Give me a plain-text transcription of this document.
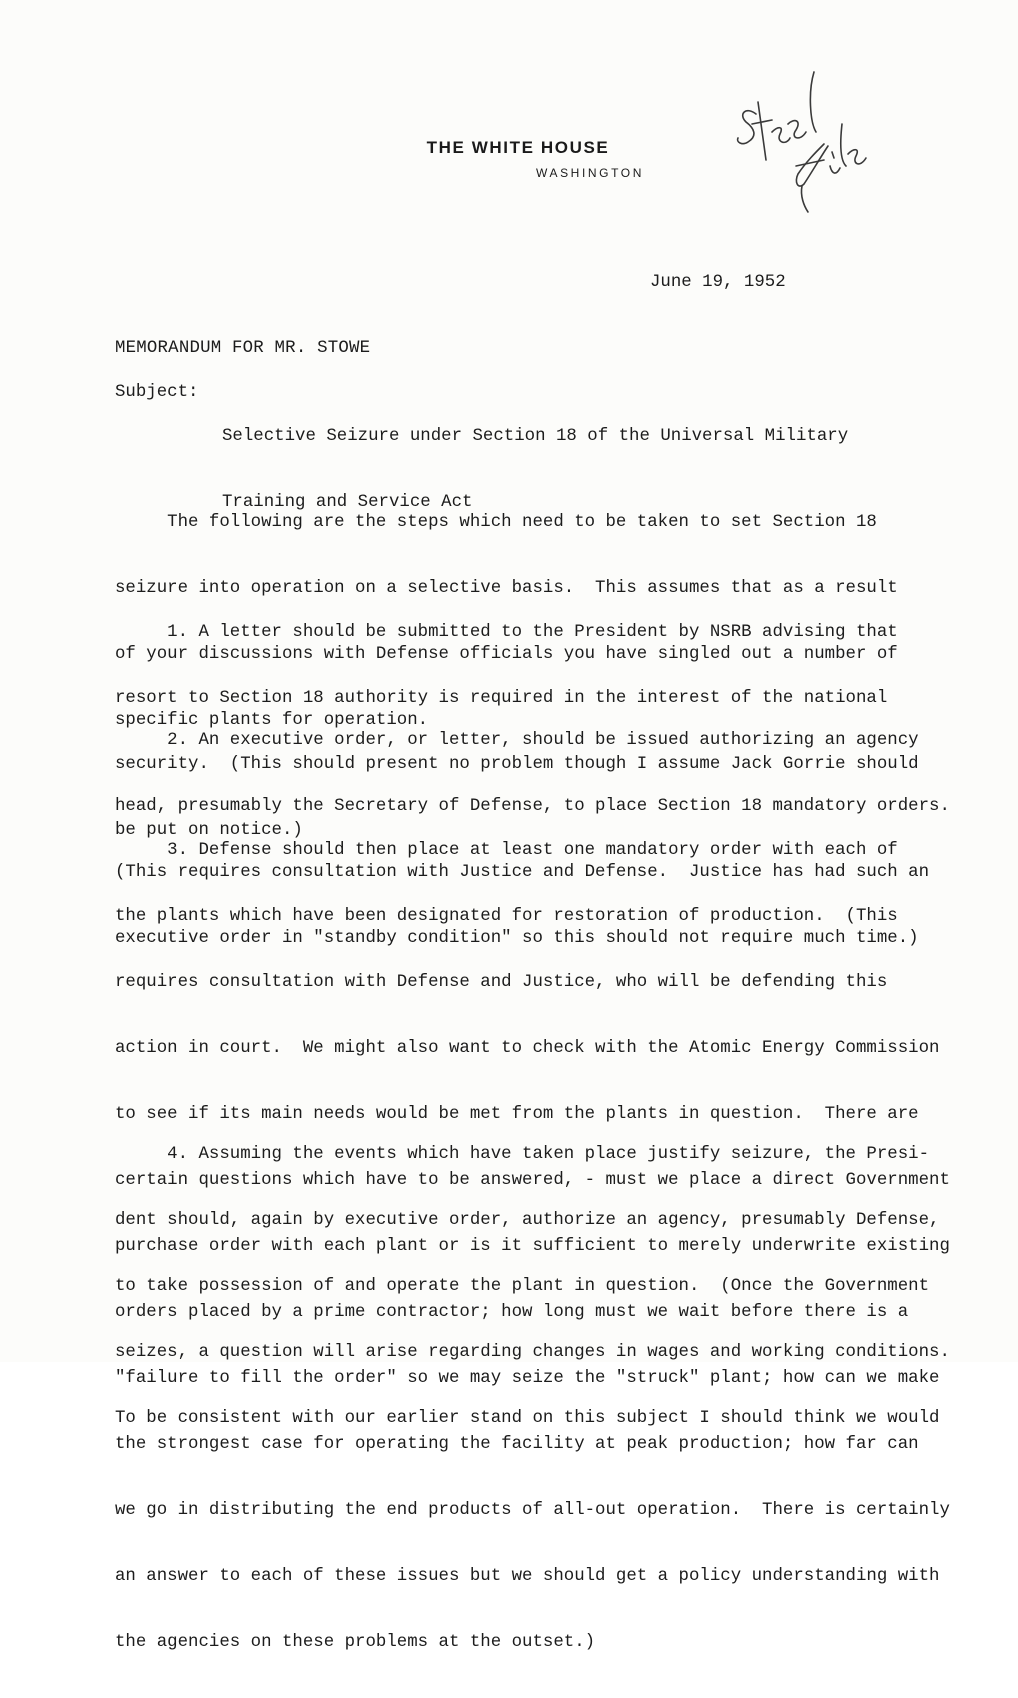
THE WHITE HOUSE
WASHINGTON
June 19, 1952
MEMORANDUM FOR MR. STOWE
Subject:

Selective Seizure under Section 18 of the Universal Military

Training and Service Act

The following are the steps which need to be taken to set Section 18

seizure into operation on a selective basis.  This assumes that as a result

of your discussions with Defense officials you have singled out a number of

specific plants for operation.

1. A letter should be submitted to the President by NSRB advising that

resort to Section 18 authority is required in the interest of the national

security.  (This should present no problem though I assume Jack Gorrie should

be put on notice.)

2. An executive order, or letter, should be issued authorizing an agency

head, presumably the Secretary of Defense, to place Section 18 mandatory orders.

(This requires consultation with Justice and Defense.  Justice has had such an

executive order in "standby condition" so this should not require much time.)

3. Defense should then place at least one mandatory order with each of

the plants which have been designated for restoration of production.  (This

requires consultation with Defense and Justice, who will be defending this

action in court.  We might also want to check with the Atomic Energy Commission

to see if its main needs would be met from the plants in question.  There are

certain questions which have to be answered, - must we place a direct Government

purchase order with each plant or is it sufficient to merely underwrite existing

orders placed by a prime contractor; how long must we wait before there is a

"failure to fill the order" so we may seize the "struck" plant; how can we make

the strongest case for operating the facility at peak production; how far can

we go in distributing the end products of all-out operation.  There is certainly

an answer to each of these issues but we should get a policy understanding with

the agencies on these problems at the outset.)

4. Assuming the events which have taken place justify seizure, the Presi-

dent should, again by executive order, authorize an agency, presumably Defense,

to take possession of and operate the plant in question.  (Once the Government

seizes, a question will arise regarding changes in wages and working conditions.

To be consistent with our earlier stand on this subject I should think we would
